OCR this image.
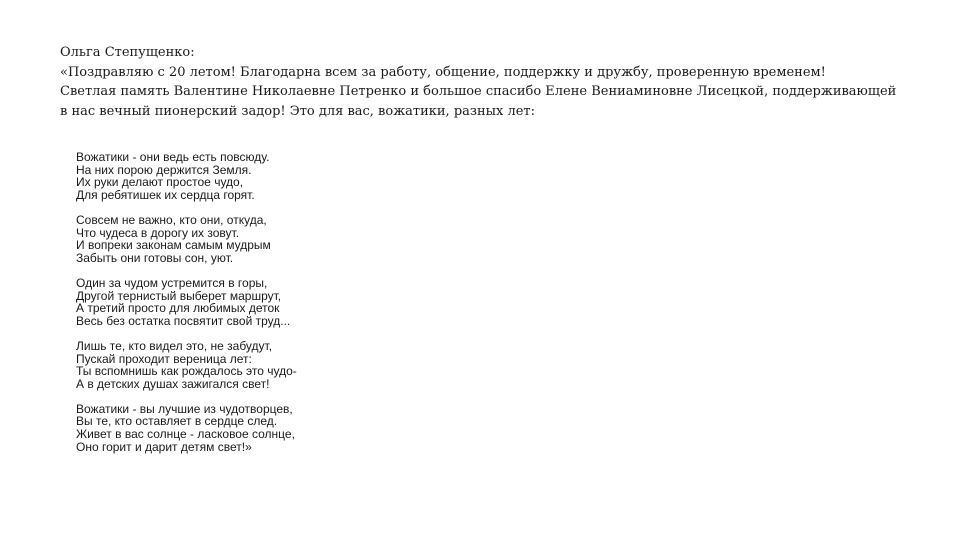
Ольга Степущенко:
«Поздравляю с 20 летом! Благодарна всем за работу, общение, поддержку и дружбу, проверенную временем!
Светлая память Валентине Николаевне Петренко и большое спасибо Елене Вениаминовне Лисецкой, поддерживающей
в нас вечный пионерский задор! Это для вас, вожатики, разных лет:
Вожатики - они ведь есть повсюду.
На них порою держится Земля.
Их руки делают простое чудо,
Для ребятишек их сердца горят.
Совсем не важно, кто они, откуда,
Что чудеса в дорогу их зовут.
И вопреки законам самым мудрым
Забыть они готовы сон, уют.
Один за чудом устремится в горы,
Другой тернистый выберет маршрут,
А третий просто для любимых деток
Весь без остатка посвятит свой труд...
Лишь те, кто видел это, не забудут,
Пускай проходит вереница лет:
Ты вспомнишь как рождалось это чудо-
А в детских душах зажигался свет!
Вожатики - вы лучшие из чудотворцев,
Вы те, кто оставляет в сердце след.
Живет в вас солнце - ласковое солнце,
Оно горит и дарит детям свет!»
